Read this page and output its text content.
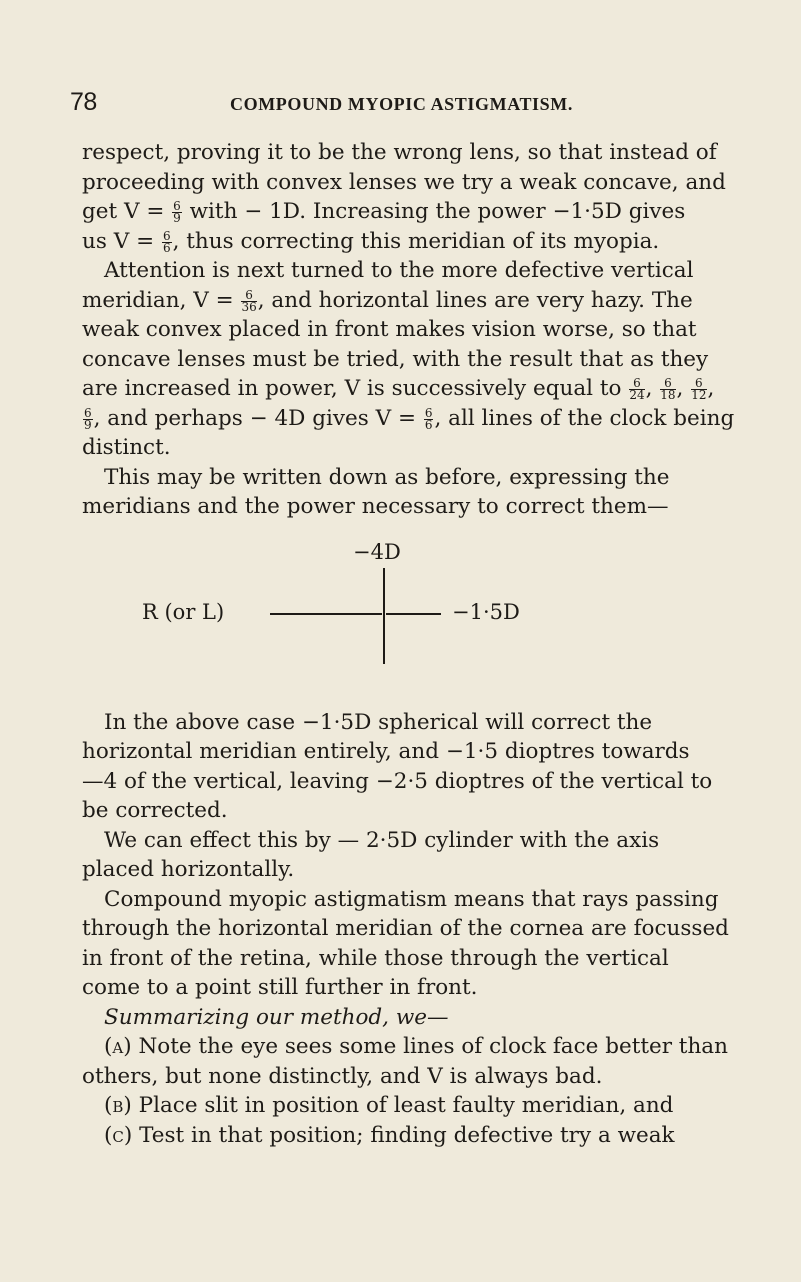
78	COMPOUND MYOPIC ASTIGMATISM.
respect, proving it to be the wrong lens, so that instead of
proceeding with convex lenses we try a weak concave, and
get $V = \frac{6}{9}$ with − 1D. Increasing the power −1·5D gives
us $V = \frac{6}{6}$ , thus correcting this meridian of its myopia.
Attention is next turned to the more defective vertical
meridian, $V = \frac{6}{36}$ , and horizontal lines are very hazy. The
weak convex placed in front makes vision worse, so that
concave lenses must be tried, with the result that as they
are increased in power, V is successively equal to $\frac{6}{24}$ , $\frac{6}{18}$ , $\frac{6}{12}$ ,
$\frac{6}{9}$ , and perhaps − 4D gives $V = \frac{6}{6}$ , all lines of the clock being
distinct.
This may be written down as before, expressing the
meridians and the power necessary to correct them—
−4D
R (or L)	−1·5D
In the above case −1·5D spherical will correct the
horizontal meridian entirely, and −1·5 dioptres towards
—4 of the vertical, leaving −2·5 dioptres of the vertical to
be corrected.
We can effect this by — 2·5D cylinder with the axis
placed horizontally.
Compound myopic astigmatism means that rays passing
through the horizontal meridian of the cornea are focussed
in front of the retina, while those through the vertical
come to a point still further in front.
Summarizing our method, we—
(a) Note the eye sees some lines of clock face better than
others, but none distinctly, and V is always bad.
(b) Place slit in position of least faulty meridian, and
(c) Test in that position; finding defective try a weak
